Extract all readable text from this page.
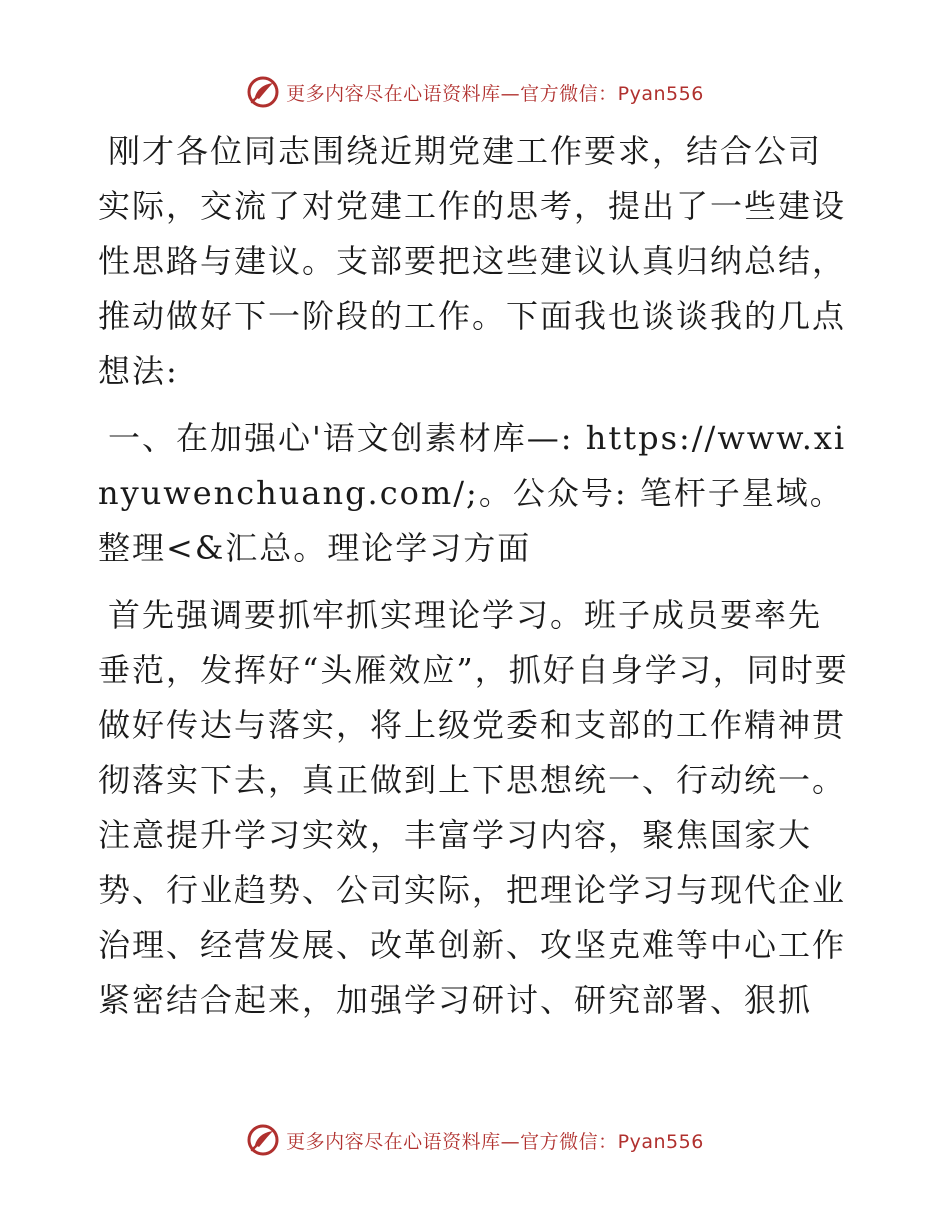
更多内容尽在心语资料库—官方微信：Pyan556

刚才各位同志围绕近期党建工作要求，结合公司实际，交流了对党建工作的思考，提出了一些建设性思路与建议。支部要把这些建议认真归纳总结，推动做好下一阶段的工作。下面我也谈谈我的几点想法:

一、在加强心'语文创素材库—: https://www.xinyuwenchuang.com/;。公众号: 笔杆子星域。整理<&汇总。理论学习方面

首先强调要抓牢抓实理论学习。班子成员要率先垂范，发挥好“头雁效应”，抓好自身学习，同时要做好传达与落实，将上级党委和支部的工作精神贯彻落实下去，真正做到上下思想统一、行动统一。注意提升学习实效，丰富学习内容，聚焦国家大势、行业趋势、公司实际，把理论学习与现代企业治理、经营发展、改革创新、攻坚克难等中心工作紧密结合起来，加强学习研讨、研究部署、狠抓

更多内容尽在心语资料库—官方微信：Pyan556
